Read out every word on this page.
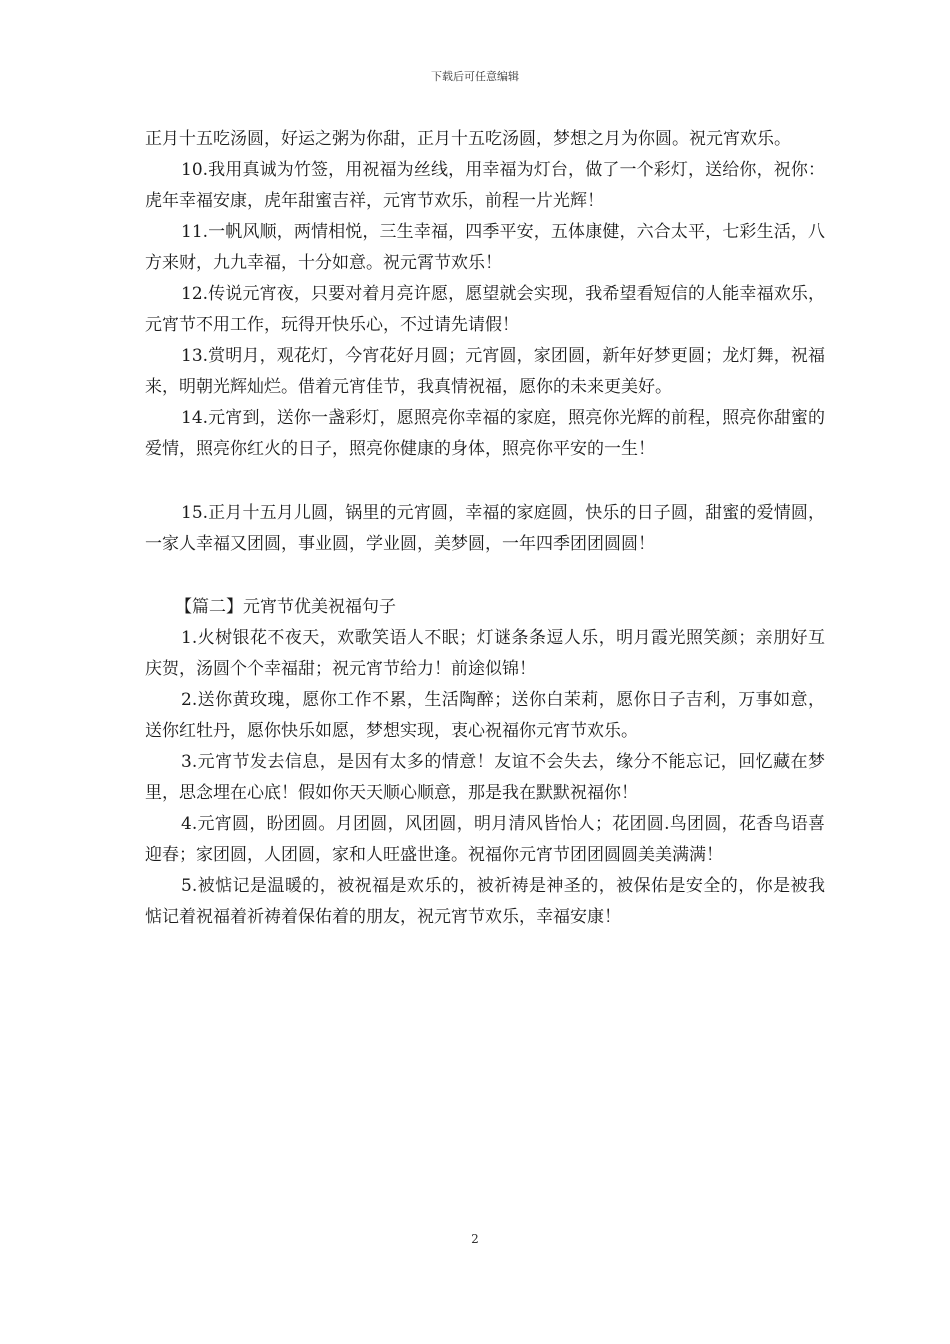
下载后可任意编辑

正月十五吃汤圆，好运之粥为你甜，正月十五吃汤圆，梦想之月为你圆。祝元宵欢乐。

10.我用真诚为竹签，用祝福为丝线，用幸福为灯台，做了一个彩灯，送给你，祝你：虎年幸福安康，虎年甜蜜吉祥，元宵节欢乐，前程一片光辉！

11.一帆风顺，两情相悦，三生幸福，四季平安，五体康健，六合太平，七彩生活，八方来财，九九幸福，十分如意。祝元霄节欢乐！

12.传说元宵夜，只要对着月亮许愿，愿望就会实现，我希望看短信的人能幸福欢乐，元宵节不用工作，玩得开快乐心，不过请先请假！

13.赏明月，观花灯，今宵花好月圆；元宵圆，家团圆，新年好梦更圆；龙灯舞，祝福来，明朝光辉灿烂。借着元宵佳节，我真情祝福，愿你的未来更美好。

14.元宵到，送你一盏彩灯，愿照亮你幸福的家庭，照亮你光辉的前程，照亮你甜蜜的爱情，照亮你红火的日子，照亮你健康的身体，照亮你平安的一生！

15.正月十五月儿圆，锅里的元宵圆，幸福的家庭圆，快乐的日子圆，甜蜜的爱情圆，一家人幸福又团圆，事业圆，学业圆，美梦圆，一年四季团团圆圆！

【篇二】元宵节优美祝福句子

1.火树银花不夜天，欢歌笑语人不眠；灯谜条条逗人乐，明月霞光照笑颜；亲朋好互庆贺，汤圆个个幸福甜；祝元宵节给力！前途似锦！

2.送你黄玫瑰，愿你工作不累，生活陶醉；送你白茉莉，愿你日子吉利，万事如意，送你红牡丹，愿你快乐如愿，梦想实现，衷心祝福你元宵节欢乐。

3.元宵节发去信息，是因有太多的情意！友谊不会失去，缘分不能忘记，回忆藏在梦里，思念埋在心底！假如你天天顺心顺意，那是我在默默祝福你！

4.元宵圆，盼团圆。月团圆，风团圆，明月清风皆怡人；花团圆.鸟团圆，花香鸟语喜迎春；家团圆，人团圆，家和人旺盛世逢。祝福你元宵节团团圆圆美美满满！

5.被惦记是温暖的，被祝福是欢乐的，被祈祷是神圣的，被保佑是安全的，你是被我惦记着祝福着祈祷着保佑着的朋友，祝元宵节欢乐，幸福安康！

2
